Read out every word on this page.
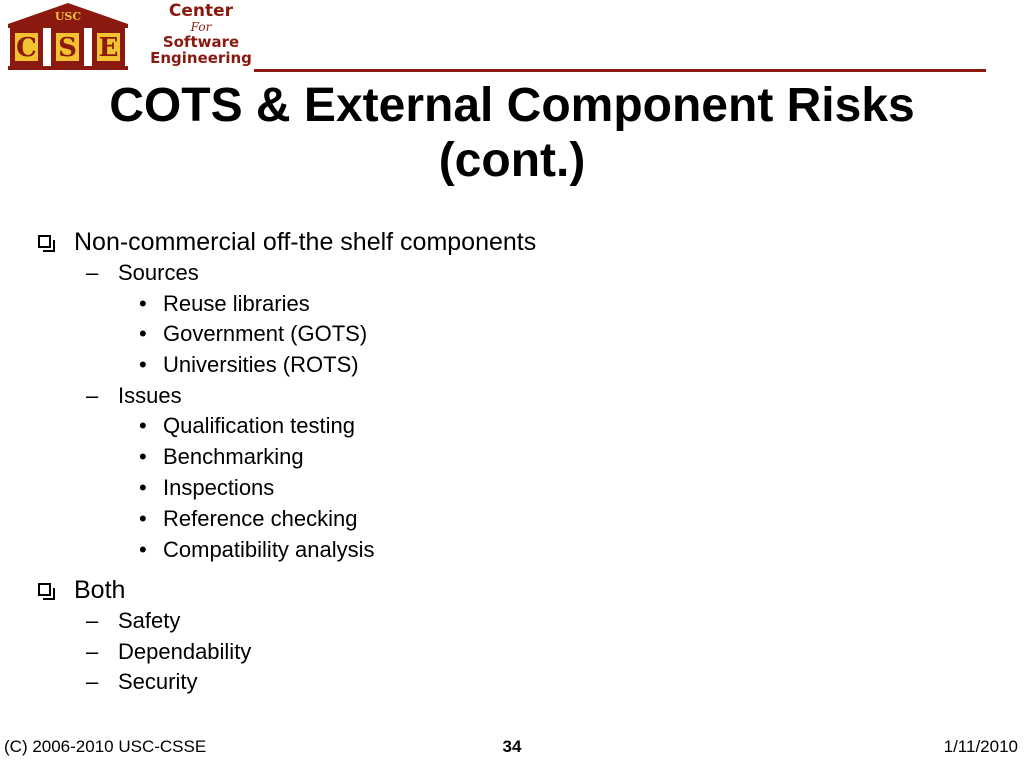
USC
C S E
Center
For
Software
Engineering
COTS & External Component Risks
(cont.)
Non-commercial off-the shelf components
– Sources
• Reuse libraries
• Government (GOTS)
• Universities (ROTS)
– Issues
• Qualification testing
• Benchmarking
• Inspections
• Reference checking
• Compatibility analysis
Both
– Safety
– Dependability
– Security
(C) 2006-2010 USC-CSSE	34	1/11/2010
